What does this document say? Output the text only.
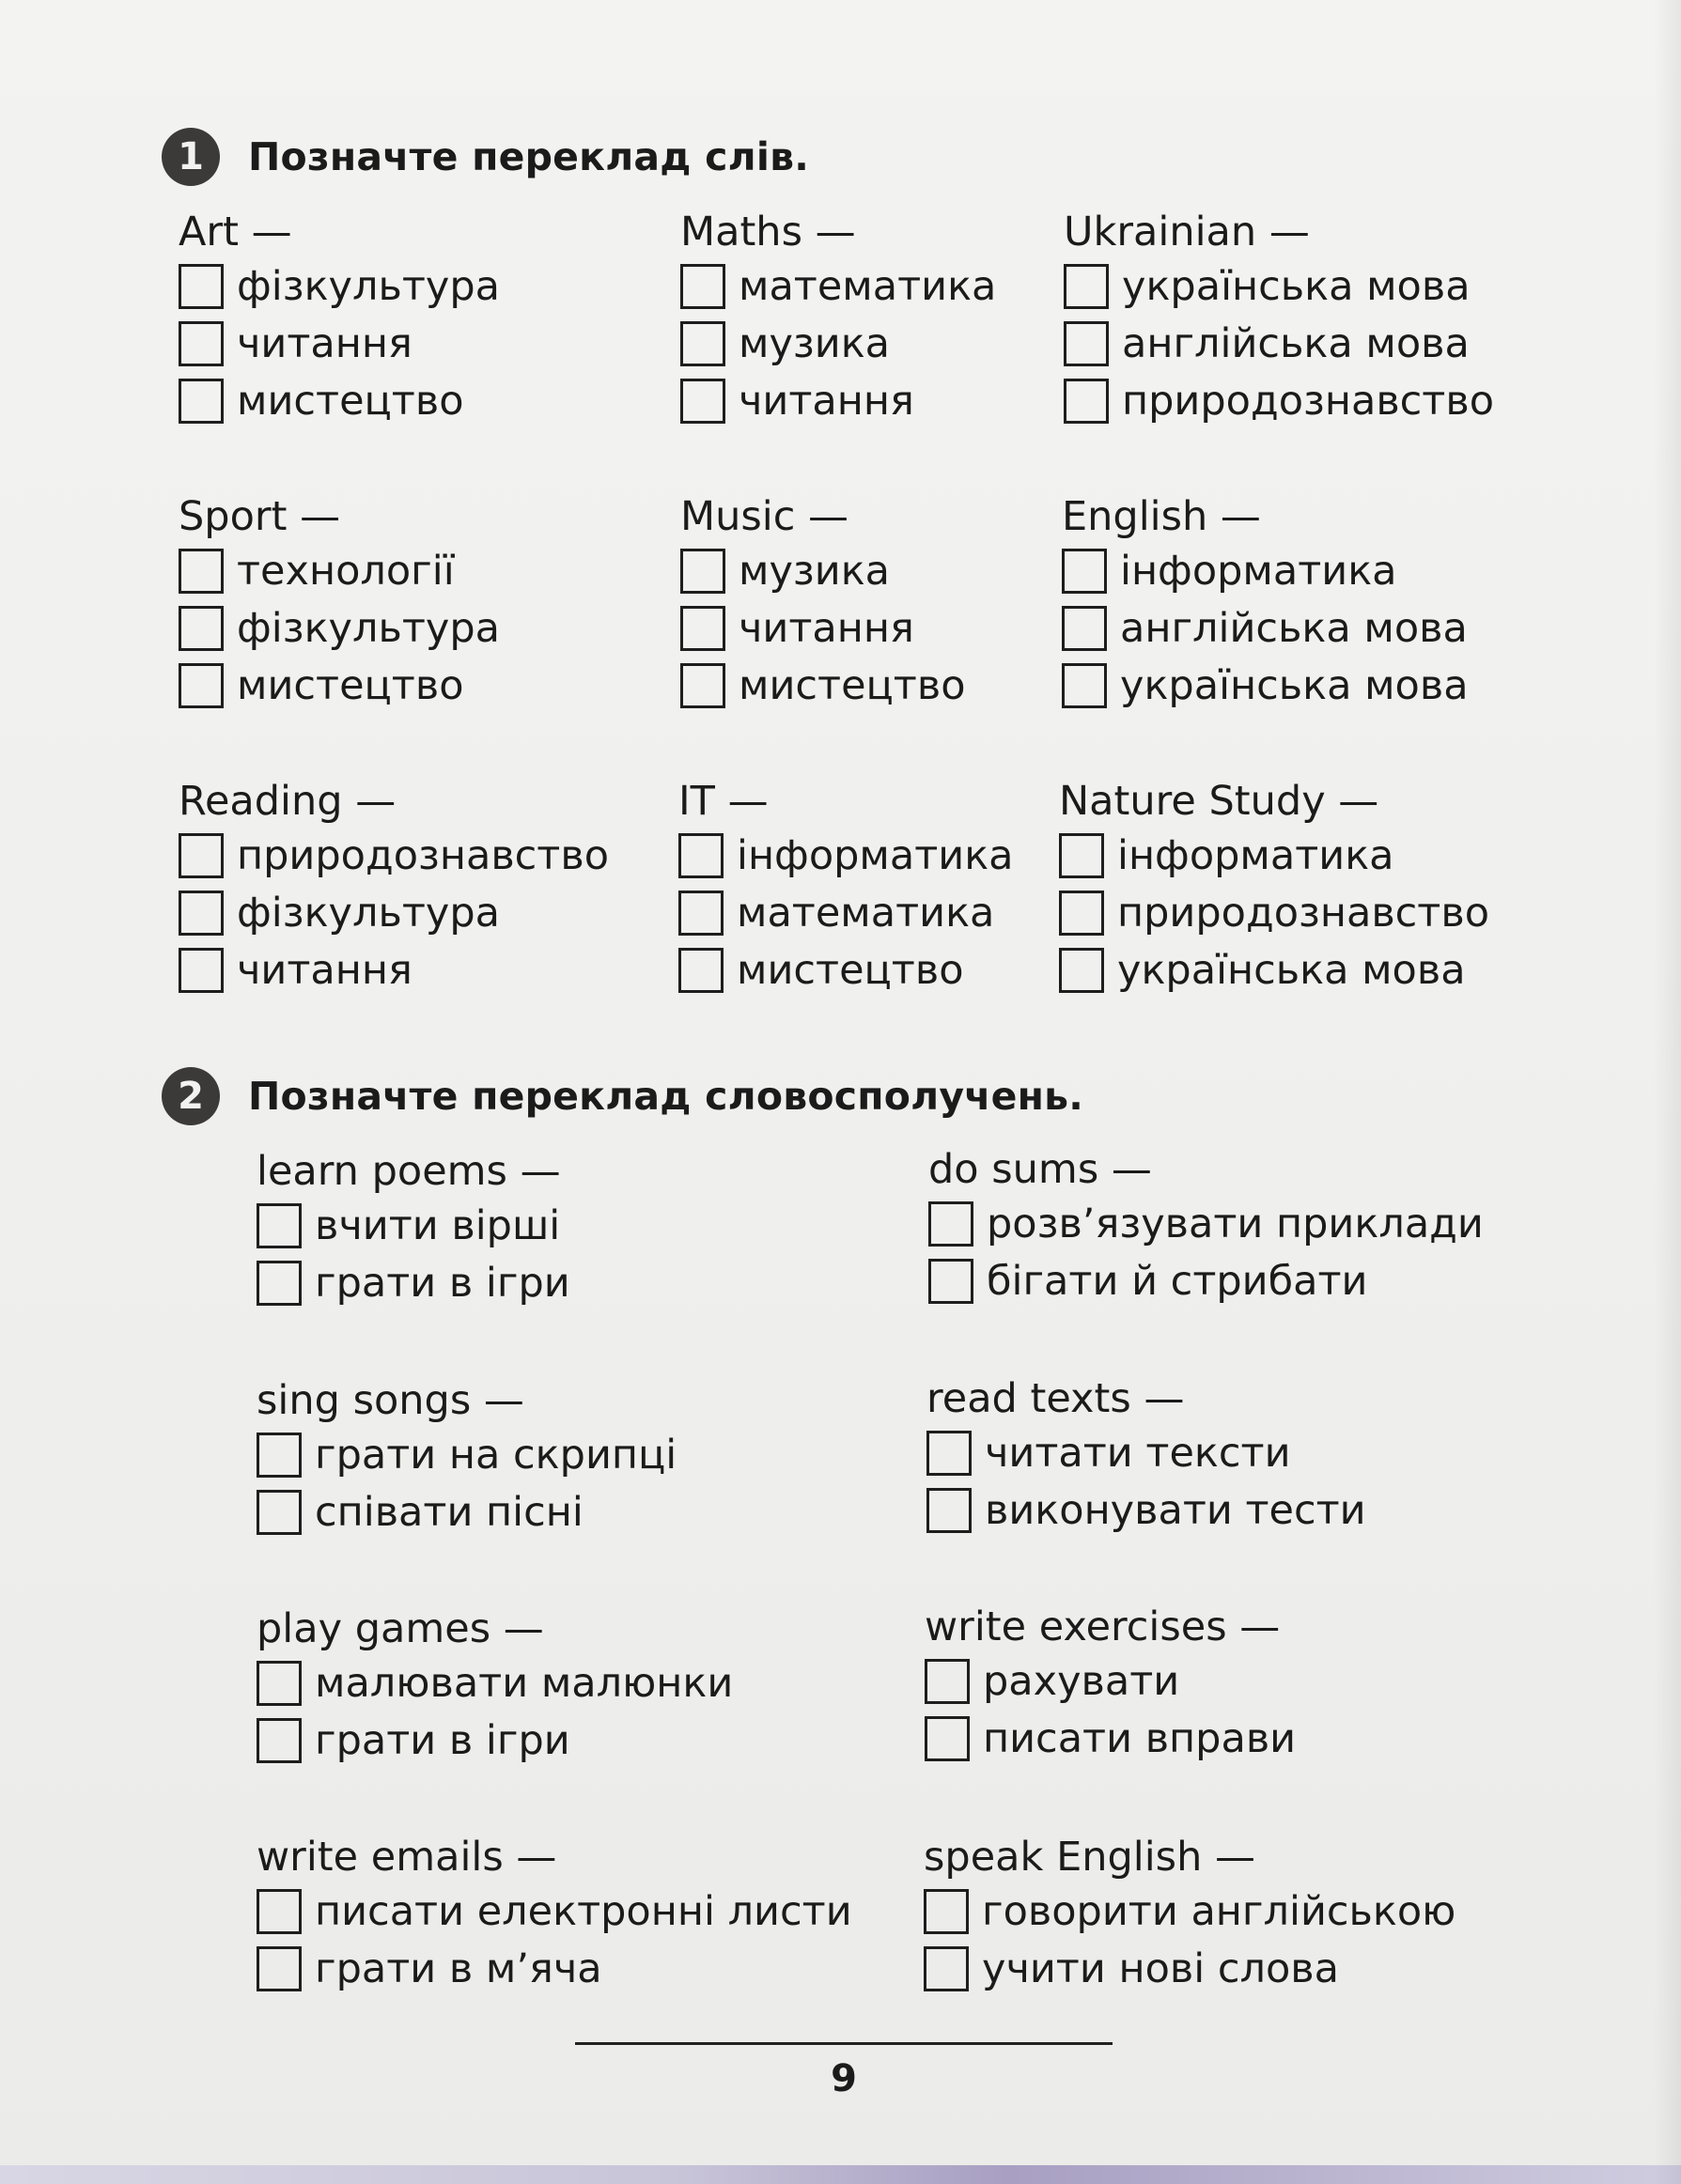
1	Позначте переклад слів.
Art —
фізкультура
читання
мистецтво
Maths —
математика
музика
читання
Ukrainian —
українська мова
англійська мова
природознавство
Sport —
технології
фізкультура
мистецтво
Music —
музика
читання
мистецтво
English —
інформатика
англійська мова
українська мова
Reading —
природознавство
фізкультура
читання
IT —
інформатика
математика
мистецтво
Nature Study —
інформатика
природознавство
українська мова
2	Позначте переклад словосполучень.
learn poems —
вчити вірші
грати в ігри
do sums —
розв’язувати приклади
бігати й стрибати
sing songs —
грати на скрипці
співати пісні
read texts —
читати тексти
виконувати тести
play games —
малювати малюнки
грати в ігри
write exercises —
рахувати
писати вправи
write emails —
писати електронні листи
грати в м’яча
speak English —
говорити англійською
учити нові слова
9
